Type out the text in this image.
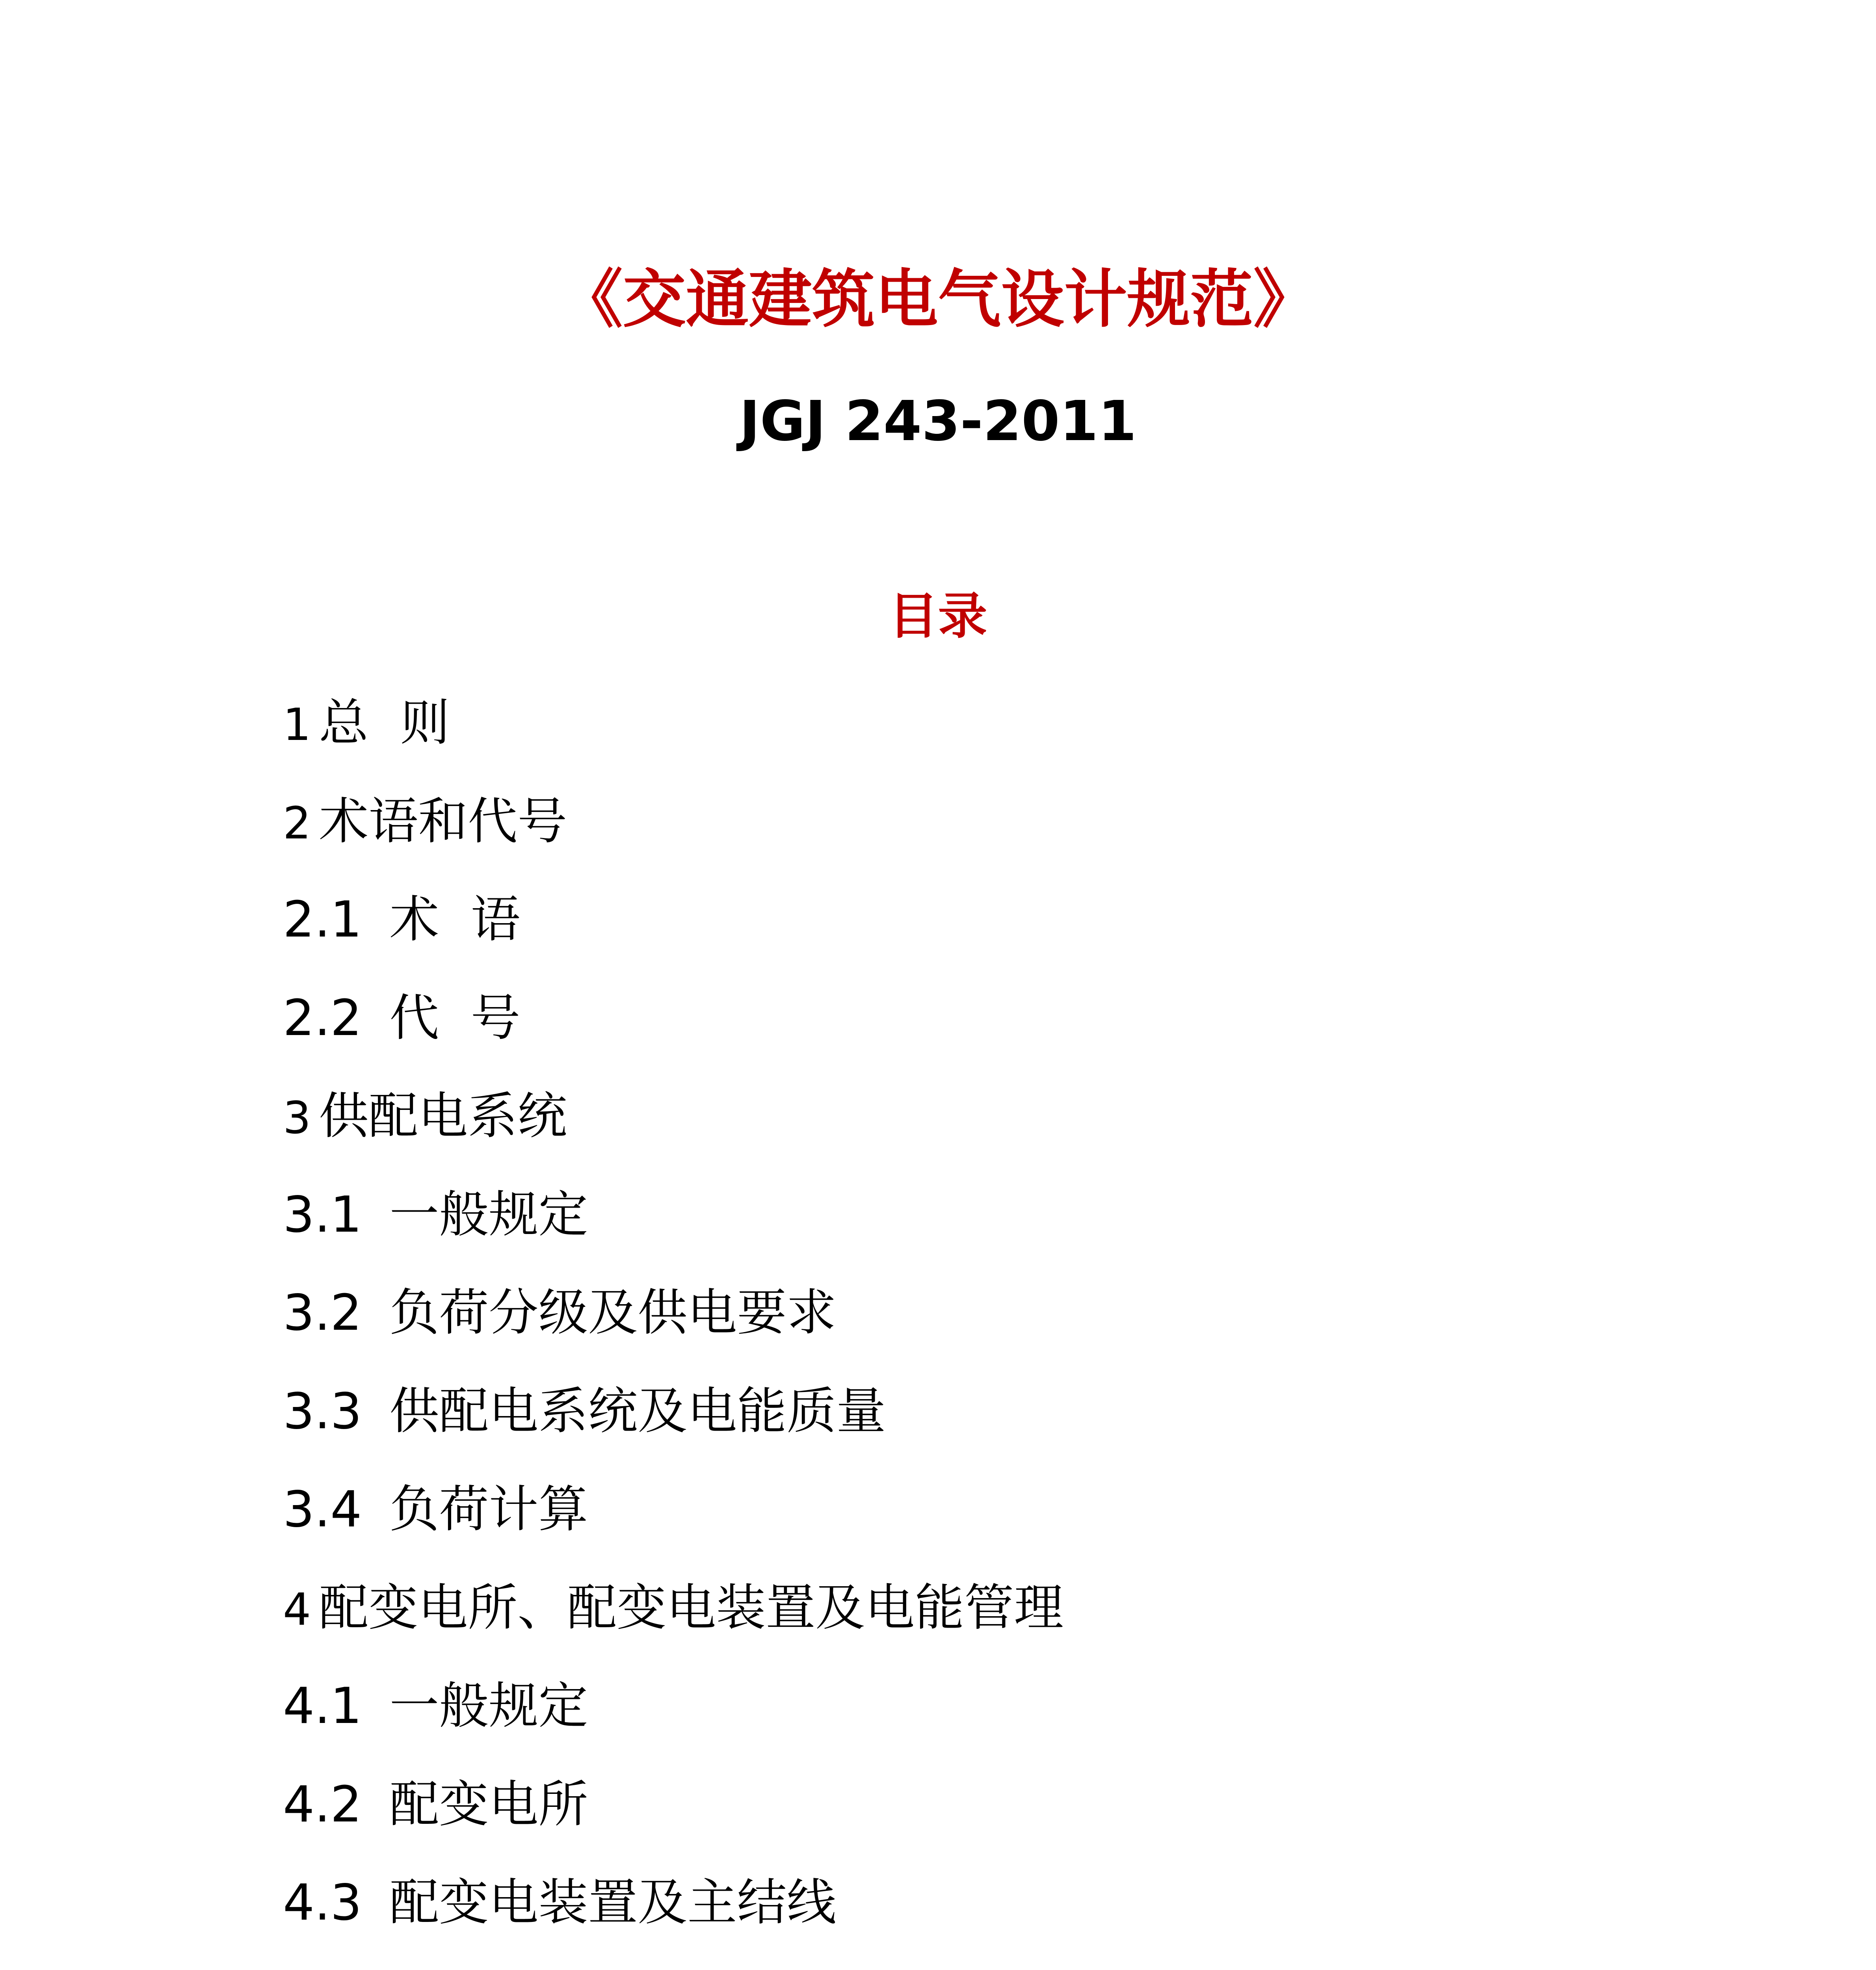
《交通建筑电气设计规范》
JGJ 243-2011
目录
1 总  则
2 术语和代号
2.1 术  语
2.2 代  号
3 供配电系统
3.1 一般规定
3.2 负荷分级及供电要求
3.3 供配电系统及电能质量
3.4 负荷计算
4 配变电所、配变电装置及电能管理
4.1 一般规定
4.2 配变电所
4.3 配变电装置及主结线
